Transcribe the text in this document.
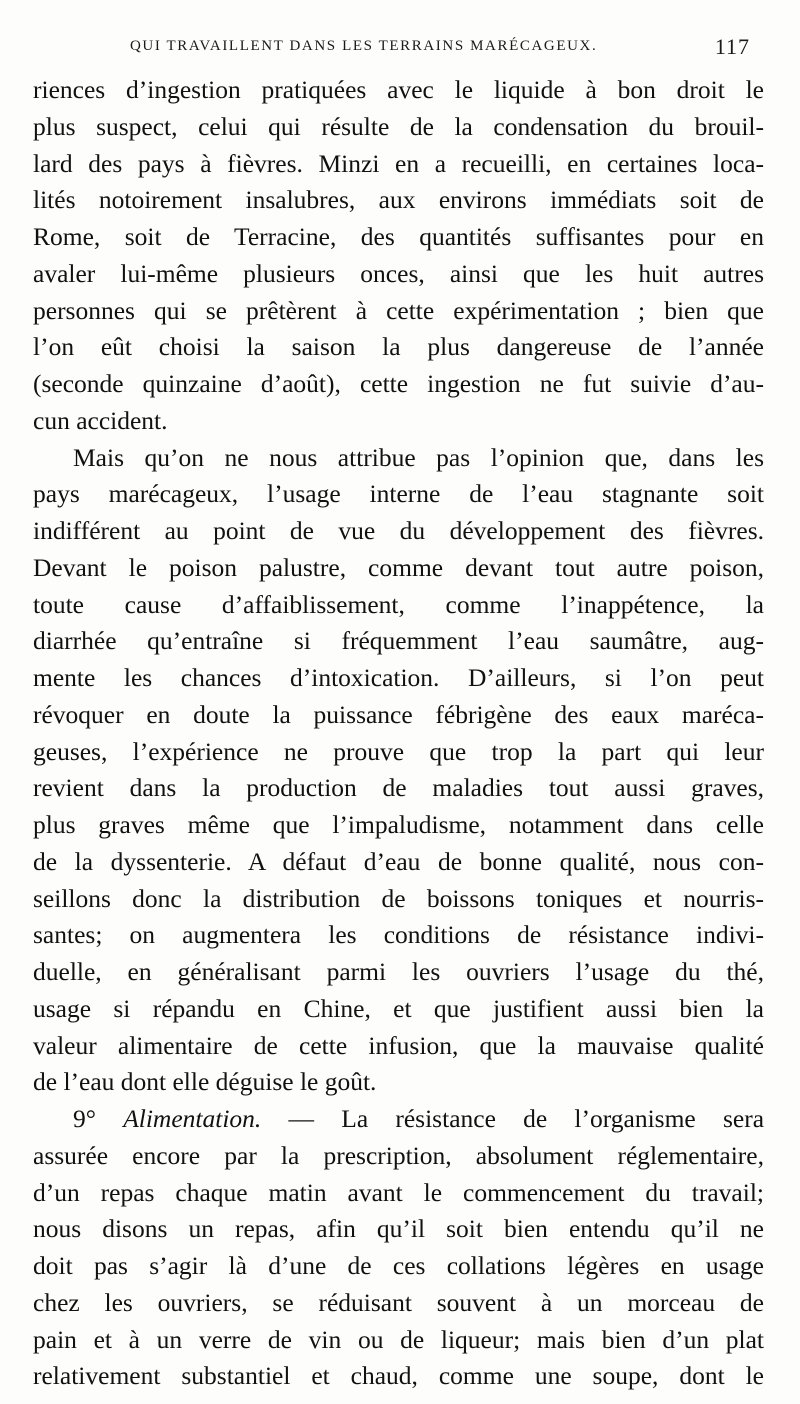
QUI TRAVAILLENT DANS LES TERRAINS MARÉCAGEUX.	117
riences d’ingestion pratiquées avec le liquide à bon droit le
plus suspect, celui qui résulte de la condensation du brouil-
lard des pays à fièvres. Minzi en a recueilli, en certaines loca-
lités notoirement insalubres, aux environs immédiats soit de
Rome, soit de Terracine, des quantités suffisantes pour en
avaler lui-même plusieurs onces, ainsi que les huit autres
personnes qui se prêtèrent à cette expérimentation ; bien que
l’on eût choisi la saison la plus dangereuse de l’année
(seconde quinzaine d’août), cette ingestion ne fut suivie d’au-
cun accident.
Mais qu’on ne nous attribue pas l’opinion que, dans les
pays marécageux, l’usage interne de l’eau stagnante soit
indifférent au point de vue du développement des fièvres.
Devant le poison palustre, comme devant tout autre poison,
toute cause d’affaiblissement, comme l’inappétence, la
diarrhée qu’entraîne si fréquemment l’eau saumâtre, aug-
mente les chances d’intoxication. D’ailleurs, si l’on peut
révoquer en doute la puissance fébrigène des eaux maréca-
geuses, l’expérience ne prouve que trop la part qui leur
revient dans la production de maladies tout aussi graves,
plus graves même que l’impaludisme, notamment dans celle
de la dyssenterie. A défaut d’eau de bonne qualité, nous con-
seillons donc la distribution de boissons toniques et nourris-
santes; on augmentera les conditions de résistance indivi-
duelle, en généralisant parmi les ouvriers l’usage du thé,
usage si répandu en Chine, et que justifient aussi bien la
valeur alimentaire de cette infusion, que la mauvaise qualité
de l’eau dont elle déguise le goût.
9° Alimentation. — La résistance de l’organisme sera
assurée encore par la prescription, absolument réglementaire,
d’un repas chaque matin avant le commencement du travail;
nous disons un repas, afin qu’il soit bien entendu qu’il ne
doit pas s’agir là d’une de ces collations légères en usage
chez les ouvriers, se réduisant souvent à un morceau de
pain et à un verre de vin ou de liqueur; mais bien d’un plat
relativement substantiel et chaud, comme une soupe, dont le
